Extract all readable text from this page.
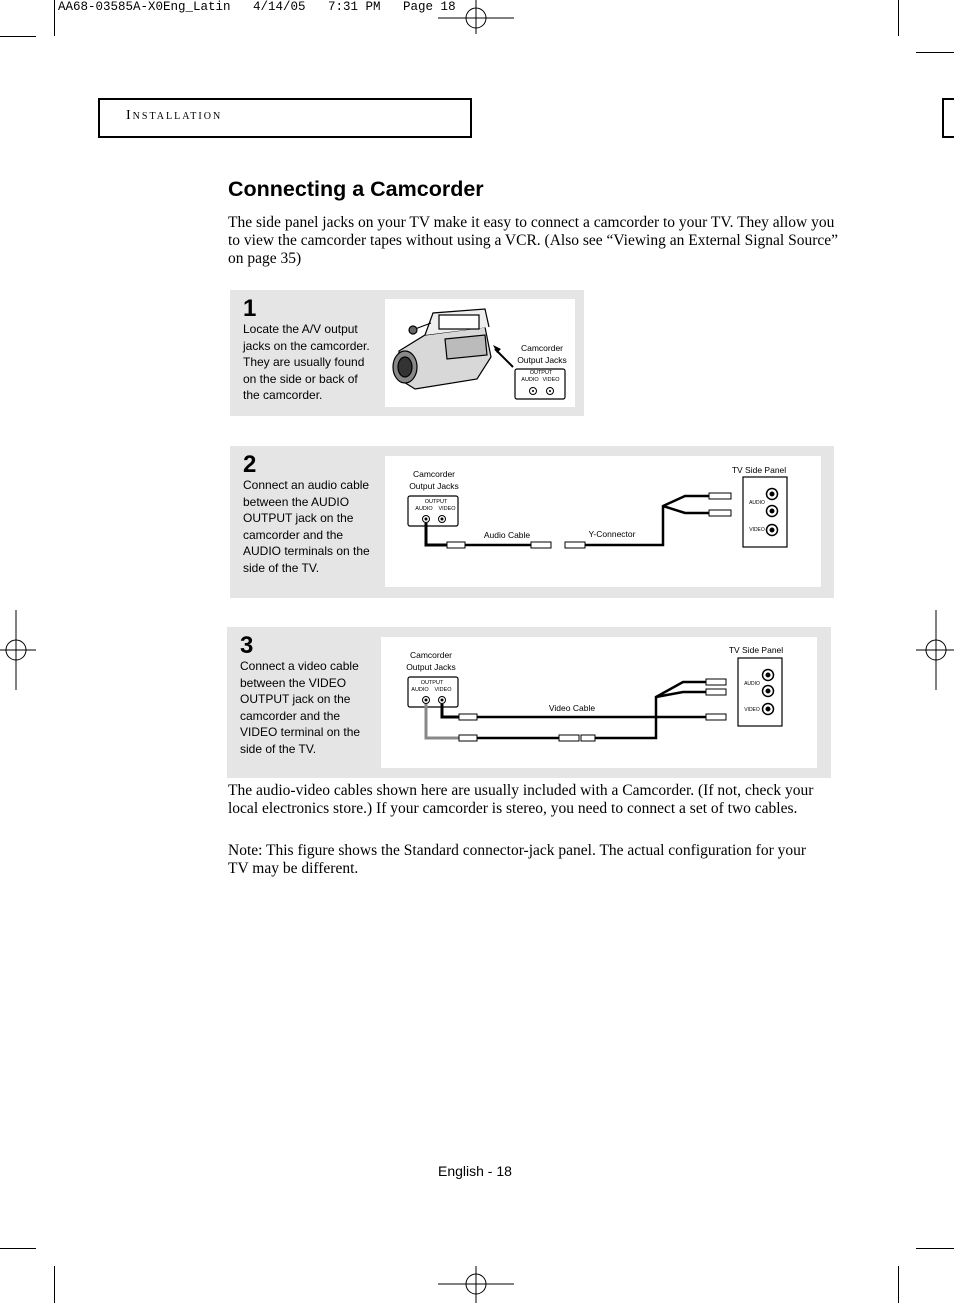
AA68-03585A-X0Eng_Latin   4/14/05   7:31 PM   Page 18
Installation
Connecting a Camcorder
The side panel jacks on your TV make it easy to connect a camcorder to your TV. They allow you to view the camcorder tapes without using a VCR. (Also see “Viewing an External Signal Source” on page 35)
1
Locate the A/V output jacks on the camcorder. They are usually found on the side or back of the camcorder.
Camcorder
Output Jacks
OUTPUT
AUDIO VIDEO
2
Connect an audio cable between the AUDIO OUTPUT jack on the camcorder and the AUDIO terminals on the side of the TV.
Camcorder
Output Jacks
OUTPUT
AUDIO	VIDEO
Audio Cable	Y-Connector
TV Side Panel
AUDIO
VIDEO
3
Connect a video cable between the VIDEO OUTPUT jack on the camcorder and the VIDEO terminal on the side of the TV.
Camcorder
Output Jacks
OUTPUT
AUDIO	VIDEO
Video Cable
TV Side Panel
AUDIO
VIDEO
The audio-video cables shown here are usually included with a Camcorder. (If not, check your local electronics store.) If your camcorder is stereo, you need to connect a set of two cables.
Note: This figure shows the Standard connector-jack panel. The actual configuration for your TV may be different.
English - 18
